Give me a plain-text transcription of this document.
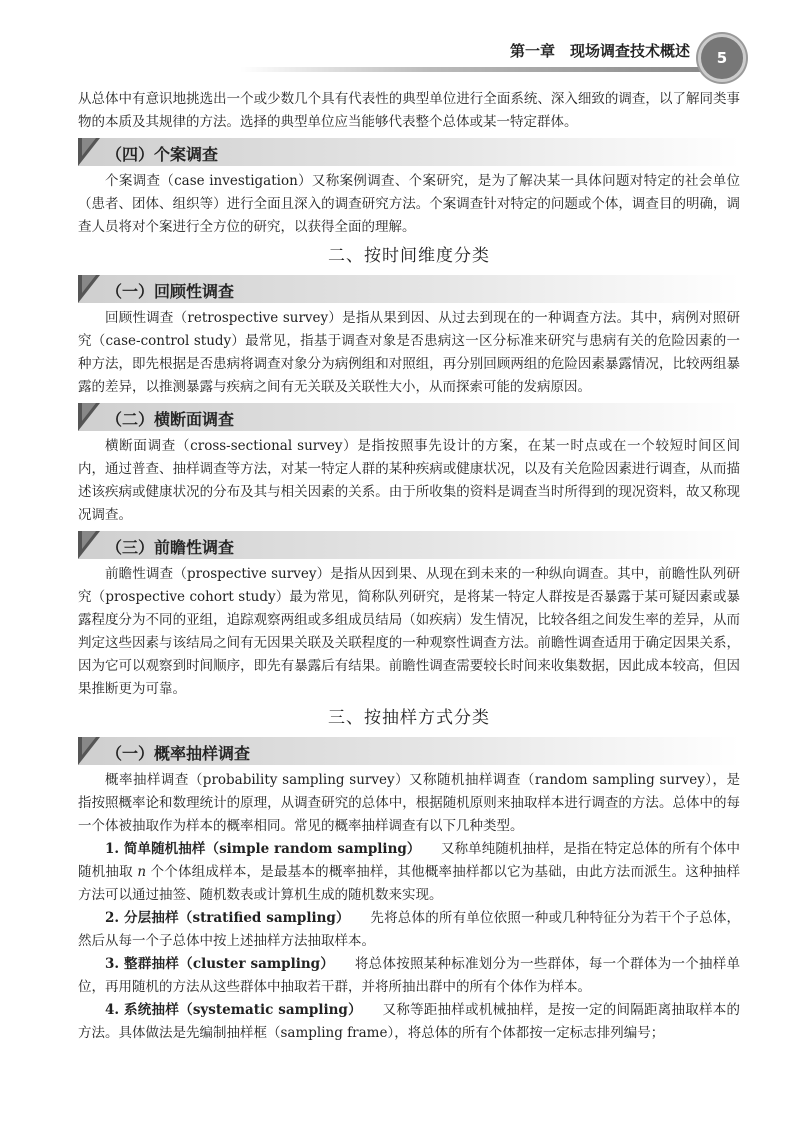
第一章　现场调查技术概述	5

从总体中有意识地挑选出一个或少数几个具有代表性的典型单位进行全面系统、深入细致的调查，以了解同类事物的本质及其规律的方法。选择的典型单位应当能够代表整个总体或某一特定群体。

（四）个案调查

个案调查（case investigation）又称案例调查、个案研究，是为了解决某一具体问题对特定的社会单位（患者、团体、组织等）进行全面且深入的调查研究方法。个案调查针对特定的问题或个体，调查目的明确，调查人员将对个案进行全方位的研究，以获得全面的理解。

二、按时间维度分类
（一）回顾性调查

回顾性调查（retrospective survey）是指从果到因、从过去到现在的一种调查方法。其中，病例对照研究（case-control study）最常见，指基于调查对象是否患病这一区分标准来研究与患病有关的危险因素的一种方法，即先根据是否患病将调查对象分为病例组和对照组，再分别回顾两组的危险因素暴露情况，比较两组暴露的差异，以推测暴露与疾病之间有无关联及关联性大小，从而探索可能的发病原因。

（二）横断面调查

横断面调查（cross-sectional survey）是指按照事先设计的方案，在某一时点或在一个较短时间区间内，通过普查、抽样调查等方法，对某一特定人群的某种疾病或健康状况，以及有关危险因素进行调查，从而描述该疾病或健康状况的分布及其与相关因素的关系。由于所收集的资料是调查当时所得到的现况资料，故又称现况调查。

（三）前瞻性调查

前瞻性调查（prospective survey）是指从因到果、从现在到未来的一种纵向调查。其中，前瞻性队列研究（prospective cohort study）最为常见，简称队列研究，是将某一特定人群按是否暴露于某可疑因素或暴露程度分为不同的亚组，追踪观察两组或多组成员结局（如疾病）发生情况，比较各组之间发生率的差异，从而判定这些因素与该结局之间有无因果关联及关联程度的一种观察性调查方法。前瞻性调查适用于确定因果关系，因为它可以观察到时间顺序，即先有暴露后有结果。前瞻性调查需要较长时间来收集数据，因此成本较高，但因果推断更为可靠。

三、按抽样方式分类
（一）概率抽样调查

概率抽样调查（probability sampling survey）又称随机抽样调查（random sampling survey），是指按照概率论和数理统计的原理，从调查研究的总体中，根据随机原则来抽取样本进行调查的方法。总体中的每一个体被抽取作为样本的概率相同。常见的概率抽样调查有以下几种类型。

1. 简单随机抽样（simple random sampling）　　 又称单纯随机抽样，是指在特定总体的所有个体中随机抽取 n 个个体组成样本，是最基本的概率抽样，其他概率抽样都以它为基础，由此方法而派生。这种抽样方法可以通过抽签、随机数表或计算机生成的随机数来实现。

2. 分层抽样（stratified sampling）　　 先将总体的所有单位依照一种或几种特征分为若干个子总体，然后从每一个子总体中按上述抽样方法抽取样本。

3. 整群抽样（cluster sampling）　　 将总体按照某种标准划分为一些群体，每一个群体为一个抽样单位，再用随机的方法从这些群体中抽取若干群，并将所抽出群中的所有个体作为样本。

4. 系统抽样（systematic sampling）　　 又称等距抽样或机械抽样，是按一定的间隔距离抽取样本的方法。具体做法是先编制抽样框（sampling frame），将总体的所有个体都按一定标志排列编号；
